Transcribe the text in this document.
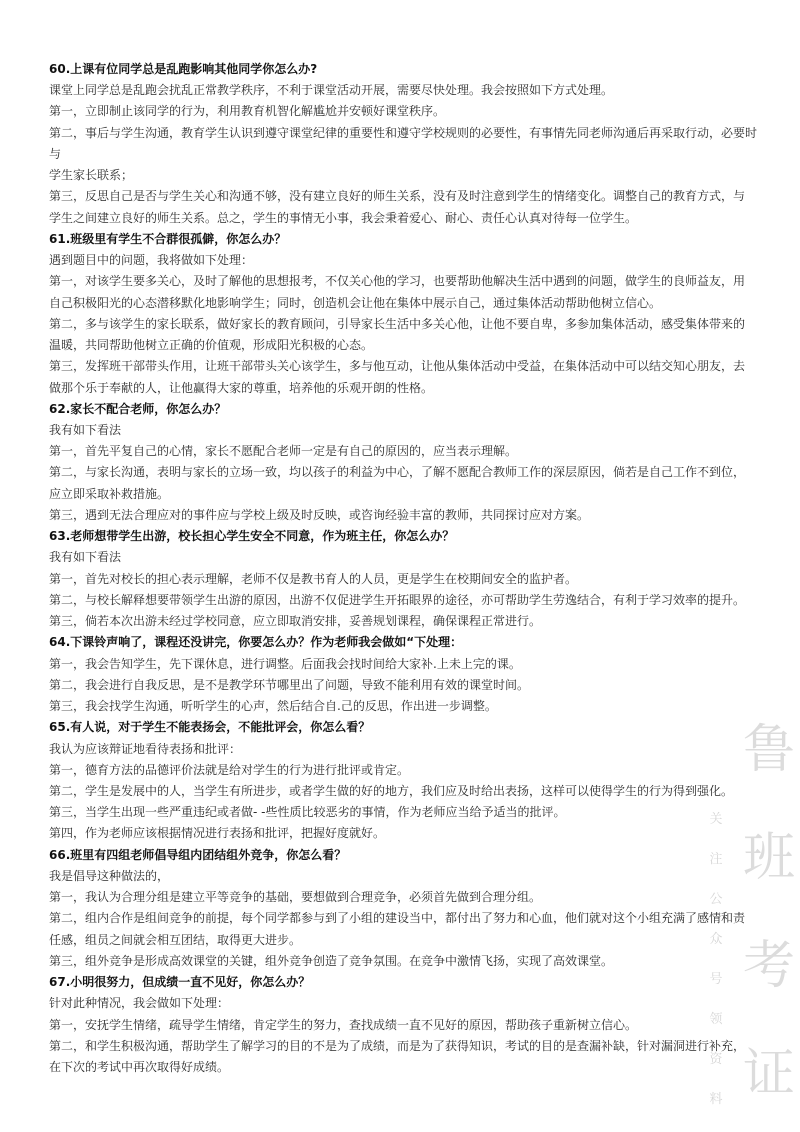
60.上课有位同学总是乱跑影响其他同学你怎么办?
课堂上同学总是乱跑会扰乱正常教学秩序，不利于课堂活动开展，需要尽快处理。我会按照如下方式处理。
第一，立即制止该同学的行为，利用教育机智化解尴尬并安顿好课堂秩序。
第二，事后与学生沟通，教育学生认识到遵守课堂纪律的重要性和遵守学校规则的必要性，有事情先同老师沟通后再采取行动，必要时与
学生家长联系；
第三，反思自己是否与学生关心和沟通不够，没有建立良好的师生关系，没有及时注意到学生的情绪变化。调整自己的教育方式，与
学生之间建立良好的师生关系。总之，学生的事情无小事，我会秉着爱心、耐心、责任心认真对待每一位学生。
61.班级里有学生不合群很孤僻，你怎么办？
遇到题目中的问题，我将做如下处理：
第一，对该学生要多关心，及时了解他的思想报考，不仅关心他的学习，也要帮助他解决生活中遇到的问题，做学生的良师益友，用
自己积极阳光的心态潜移默化地影响学生；同时，创造机会让他在集体中展示自己，通过集体活动帮助他树立信心。
第二，多与该学生的家长联系，做好家长的教育顾问，引导家长生活中多关心他，让他不要自卑，多参加集体活动，感受集体带来的
温暖，共同帮助他树立正确的价值观，形成阳光积极的心态。
第三，发挥班干部带头作用，让班干部带头关心该学生，多与他互动，让他从集体活动中受益，在集体活动中可以结交知心朋友，去
做那个乐于奉献的人，让他赢得大家的尊重，培养他的乐观开朗的性格。
62.家长不配合老师，你怎么办？
我有如下看法
第一，首先平复自己的心情，家长不愿配合老师一定是有自己的原因的，应当表示理解。
第二，与家长沟通，表明与家长的立场一致，均以孩子的利益为中心，了解不愿配合教师工作的深层原因，倘若是自己工作不到位，
应立即采取补救措施。
第三，遇到无法合理应对的事件应与学校上级及时反映，或咨询经验丰富的教师，共同探讨应对方案。
63.老师想带学生出游，校长担心学生安全不同意，作为班主任，你怎么办？
我有如下看法
第一，首先对校长的担心表示理解，老师不仅是教书育人的人员，更是学生在校期间安全的监护者。
第二，与校长解释想要带领学生出游的原因，出游不仅促进学生开拓眼界的途径，亦可帮助学生劳逸结合，有利于学习效率的提升。
第三，倘若本次出游未经过学校同意，应立即取消安排，妥善规划课程，确保课程正常进行。
64.下课铃声响了，课程还没讲完，你要怎么办？作为老师我会做如“下处理：
第一，我会告知学生，先下课休息，进行调整。后面我会找时间给大家补.上未上完的课。
第二，我会进行自我反思，是不是教学环节哪里出了问题，导致不能利用有效的课堂时间。
第三，我会找学生沟通，听听学生的心声，然后结合自.己的反思，作出进一步调整。
65.有人说，对于学生不能表扬会，不能批评会，你怎么看？
我认为应该辩证地看待表扬和批评：
第一，德育方法的品德评价法就是给对学生的行为进行批评或肯定。
第二，学生是发展中的人，当学生有所进步，或者学生做的好的地方，我们应及时给出表扬，这样可以使得学生的行为得到强化。
第三，当学生出现一些严重违纪或者做- -些性质比较恶劣的事情，作为老师应当给予适当的批评。
第四，作为老师应该根据情况进行表扬和批评，把握好度就好。
66.班里有四组老师倡导组内团结组外竞争，你怎么看？
我是倡导这种做法的，
第一，我认为合理分组是建立平等竞争的基础，要想做到合理竞争，必须首先做到合理分组。
第二，组内合作是组间竞争的前提，每个同学都参与到了小组的建设当中，都付出了努力和心血，他们就对这个小组充满了感情和责
任感，组员之间就会相互团结，取得更大进步。
第三，组外竞争是形成高效课堂的关键，组外竞争创造了竞争氛围。在竞争中激情飞扬，实现了高效课堂。
67.小明很努力，但成绩一直不见好，你怎么办？
针对此种情况，我会做如下处理：
第一，安抚学生情绪，疏导学生情绪，肯定学生的努力，查找成绩一直不见好的原因，帮助孩子重新树立信心。
第二，和学生积极沟通，帮助学生了解学习的目的不是为了成绩，而是为了获得知识，考试的目的是查漏补缺，针对漏洞进行补充，
在下次的考试中再次取得好成绩。
关
注
公
众
号
领
资
料
鲁
班
考
证
